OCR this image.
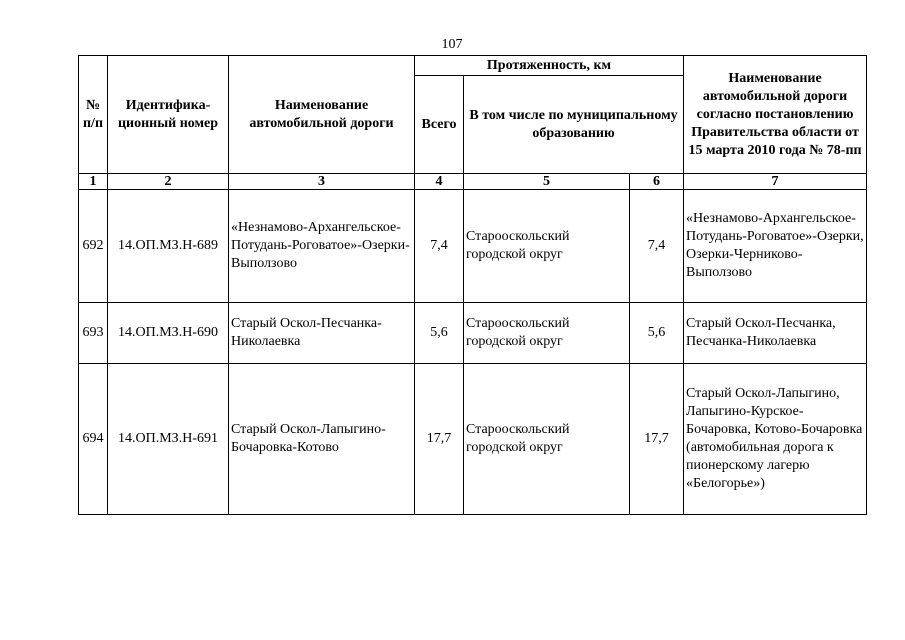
107
№ п/п	Идентифика-ционный номер	Наименование автомобильной дороги	Протяженность, км			Наименование автомобильной дороги согласно постановлению Правительства области от 15 марта 2010 года № 78-пп
			Всего	В том числе по муниципальному образованию		
1	2	3	4	5	6	7
692	14.ОП.МЗ.Н-689	«Незнамово-Архангельское-Потудань-Роговатое»-Озерки-Выползово	7,4	Старооскольский городской округ	7,4	«Незнамово-Архангельское-Потудань-Роговатое»-Озерки, Озерки-Черниково-Выползово
693	14.ОП.МЗ.Н-690	Старый Оскол-Песчанка-Николаевка	5,6	Старооскольский городской округ	5,6	Старый Оскол-Песчанка, Песчанка-Николаевка
694	14.ОП.МЗ.Н-691	Старый Оскол-Лапыгино-Бочаровка-Котово	17,7	Старооскольский городской округ	17,7	Старый Оскол-Лапыгино, Лапыгино-Курское-Бочаровка, Котово-Бочаровка (автомобильная дорога к пионерскому лагерю «Белогорье»)
